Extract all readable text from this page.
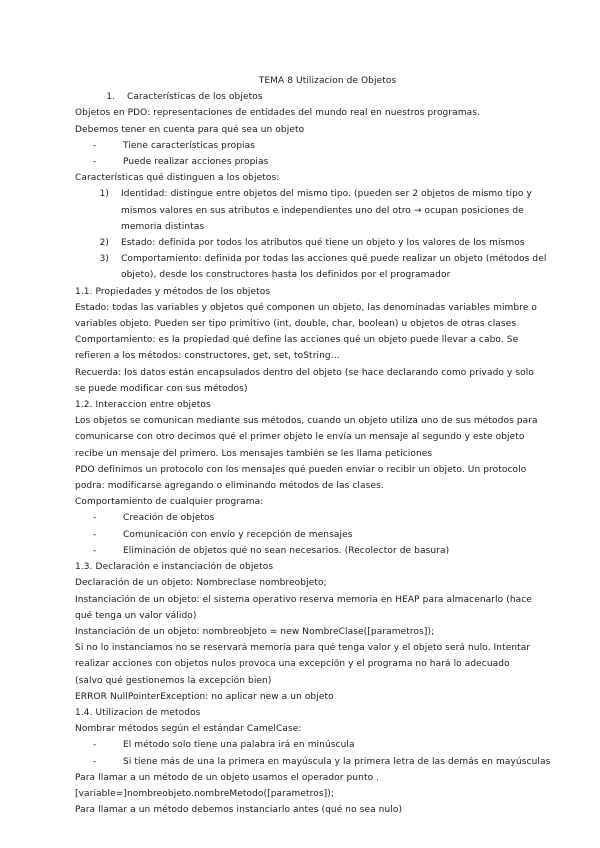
TEMA 8 Utilizacion de Objetos
1. Características de los objetos
Objetos en PDO: representaciones de entidades del mundo real en nuestros programas.
Debemos tener en cuenta para qué sea un objeto
-	Tiene características propias
-	Puede realizar acciones propias
Características qué distinguen a los objetos:
1) Identidad: distingue entre objetos del mismo tipo. (pueden ser 2 objetos de mismo tipo y
mismos valores en sus atributos e independientes uno del otro → ocupan posiciones de
memoria distintas
2) Estado: definida por todos los atributos qué tiene un objeto y los valores de los mismos
3) Comportamiento: definida por todas las acciones qué puede realizar un objeto (métodos del
objeto), desde los constructores hasta los definidos por el programador
1.1. Propiedades y métodos de los objetos
Estado: todas las variables y objetos qué componen un objeto, las denominadas variables mimbre o
variables objeto. Pueden ser tipo primitivo (int, double, char, boolean) u objetos de otras clases
Comportamiento: es la propiedad qué define las acciones qué un objeto puede llevar a cabo. Se
refieren a los métodos: constructores, get, set, toString…
Recuerda: los datos están encapsulados dentro del objeto (se hace declarando como privado y solo
se puede modificar con sus métodos)
1.2. Interaccion entre objetos
Los objetos se comunican mediante sus métodos, cuando un objeto utiliza uno de sus métodos para
comunicarse con otro decimos qué el primer objeto le envía un mensaje al segundo y este objeto
recibe un mensaje del primero. Los mensajes también se les llama peticiones
PDO definimos un protocolo con los mensajes qué pueden enviar o recibir un objeto. Un protocolo
podra: modificarse agregando o eliminando métodos de las clases.
Comportamiento de cualquier programa:
-	Creación de objetos
-	Comunicación con envío y recepción de mensajes
-	Eliminación de objetos qué no sean necesarios. (Recolector de basura)
1.3. Declaración e instanciación de objetos
Declaración de un objeto: Nombreclase nombreobjeto;
Instanciación de un objeto: el sistema operativo reserva memoria en HEAP para almacenarlo (hace
qué tenga un valor válido)
Instanciación de un objeto: nombreobjeto = new NombreClase([parametros]);
Si no lo instanciamos no se reservará memoria para qué tenga valor y el objeto será nulo. Intentar
realizar acciones con objetos nulos provoca una excepción y el programa no hará lo adecuado
(salvo qué gestionemos la excepción bien)
ERROR NullPointerException: no aplicar new a un objeto
1.4. Utilizacion de metodos
Nombrar métodos según el estándar CamelCase:
-	El método solo tiene una palabra irá en minúscula
-	Si tiene más de una la primera en mayúscula y la primera letra de las demás en mayúsculas
Para llamar a un método de un objeto usamos el operador punto .
[variable=]nombreobjeto.nombreMetodo([parametros]);
Para llamar a un método debemos instanciarlo antes (qué no sea nulo)
